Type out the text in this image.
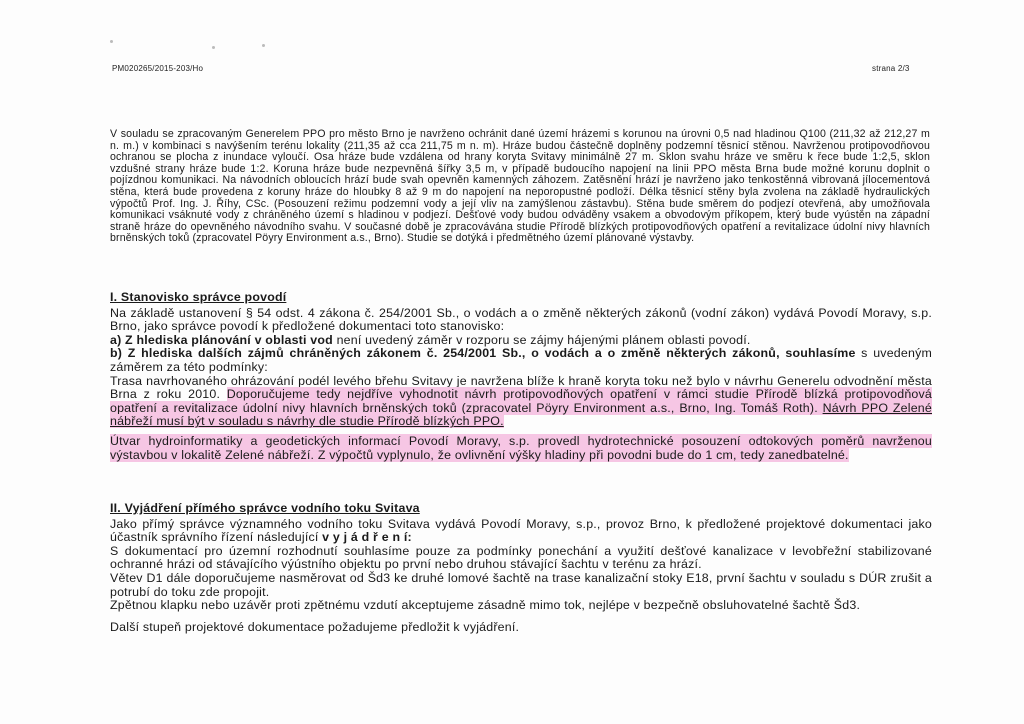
PM020265/2015-203/Ho	strana 2/3

V souladu se zpracovaným Generelem PPO pro město Brno je navrženo ochránit dané území hrázemi s korunou na úrovni 0,5 nad hladinou Q100 (211,32 až 212,27 m n. m.) v kombinaci s navýšením terénu lokality (211,35 až cca 211,75 m n. m). Hráze budou částečně doplněny podzemní těsnicí stěnou. Navrženou protipovodňovou ochranou se plocha z inundace vyloučí. Osa hráze bude vzdálena od hrany koryta Svitavy minimálně 27 m. Sklon svahu hráze ve směru k řece bude 1:2,5, sklon vzdušné strany hráze bude 1:2. Koruna hráze bude nezpevněná šířky 3,5 m, v případě budoucího napojení na linii PPO města Brna bude možné korunu doplnit o pojízdnou komunikaci. Na návodních obloucích hrází bude svah opevněn kamenných záhozem. Zatěsnění hrází je navrženo jako tenkostěnná vibrovaná jílocementová stěna, která bude provedena z koruny hráze do hloubky 8 až 9 m do napojení na neporopustné podloží. Délka těsnicí stěny byla zvolena na základě hydraulických výpočtů Prof. Ing. J. Říhy, CSc. (Posouzení režimu podzemní vody a její vliv na zamýšlenou zástavbu). Stěna bude směrem do podjezí otevřená, aby umožňovala komunikaci vsáknuté vody z chráněného území s hladinou v podjezí. Dešťové vody budou odváděny vsakem a obvodovým příkopem, který bude vyústěn na západní straně hráze do opevněného návodního svahu. V současné době je zpracovávána studie Přírodě blízkých protipovodňových opatření a revitalizace údolní nivy hlavních brněnských toků (zpracovatel Pöyry Environment a.s., Brno). Studie se dotýká i předmětného území plánované výstavby.

I. Stanovisko správce povodí

Na základě ustanovení § 54 odst. 4 zákona č. 254/2001 Sb., o vodách a o změně některých zákonů (vodní zákon) vydává Povodí Moravy, s.p. Brno, jako správce povodí k předložené dokumentaci toto stanovisko:

a) Z hlediska plánování v oblasti vod není uvedený záměr v rozporu se zájmy hájenými plánem oblasti povodí.

b) Z hlediska dalších zájmů chráněných zákonem č. 254/2001 Sb., o vodách a o změně některých zákonů, souhlasíme s uvedeným záměrem za této podmínky:

Trasa navrhovaného ohrázování podél levého břehu Svitavy je navržena blíže k hraně koryta toku než bylo v návrhu Generelu odvodnění města Brna z roku 2010. Doporučujeme tedy nejdříve vyhodnotit návrh protipovodňových opatření v rámci studie Přírodě blízká protipovodňová opatření a revitalizace údolní nivy hlavních brněnských toků (zpracovatel Pöyry Environment a.s., Brno, Ing. Tomáš Roth). Návrh PPO Zelené nábřeží musí být v souladu s návrhy dle studie Přírodě blízkých PPO.

Útvar hydroinformatiky a geodetických informací Povodí Moravy, s.p. provedl hydrotechnické posouzení odtokových poměrů navrženou výstavbou v lokalitě Zelené nábřeží. Z výpočtů vyplynulo, že ovlivnění výšky hladiny při povodni bude do 1 cm, tedy zanedbatelné.

II. Vyjádření přímého správce vodního toku Svitava

Jako přímý správce významného vodního toku Svitava vydává Povodí Moravy, s.p., provoz Brno, k předložené projektové dokumentaci jako účastník správního řízení následující v y j á d ř e n í:

S dokumentací pro územní rozhodnutí souhlasíme pouze za podmínky ponechání a využití dešťové kanalizace v levobřežní stabilizované ochranné hrázi od stávajícího výústního objektu po první nebo druhou stávající šachtu v terénu za hrází.

Větev D1 dále doporučujeme nasměrovat od Šd3 ke druhé lomové šachtě na trase kanalizační stoky E18, první šachtu v souladu s DÚR zrušit a potrubí do toku zde propojit.

Zpětnou klapku nebo uzávěr proti zpětnému vzdutí akceptujeme zásadně mimo tok, nejlépe v bezpečně obsluhovatelné šachtě Šd3.

Další stupeň projektové dokumentace požadujeme předložit k vyjádření.
